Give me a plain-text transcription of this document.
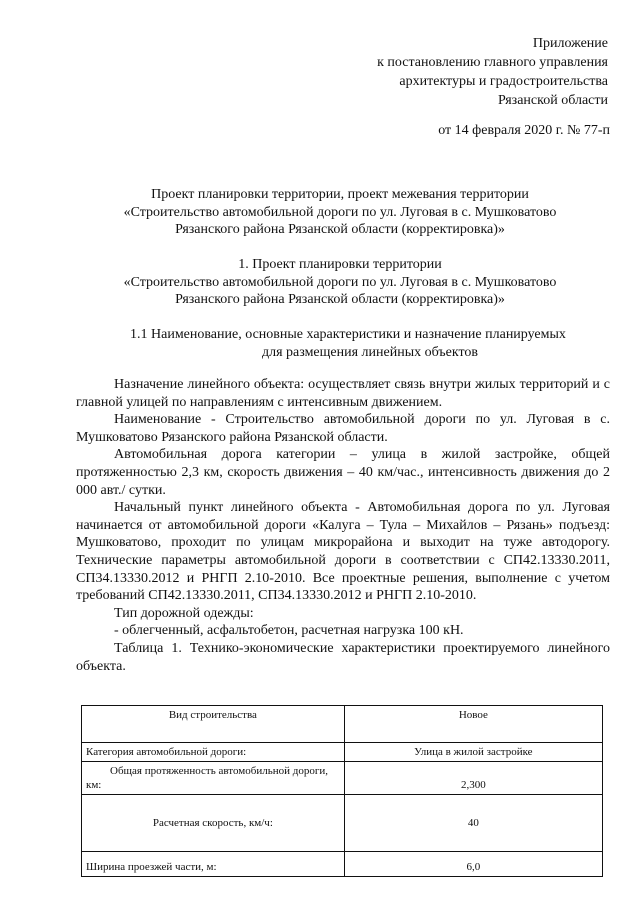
Приложение
к постановлению главного управления
архитектуры и градостроительства
Рязанской области
от 14 февраля 2020 г. № 77-п
Проект планировки территории, проект межевания территории
«Строительство автомобильной дороги по ул. Луговая в с. Мушковатово
Рязанского района Рязанской области (корректировка)»
1. Проект планировки территории
«Строительство автомобильной дороги по ул. Луговая в с. Мушковатово
Рязанского района Рязанской области (корректировка)»
1.1 Наименование, основные характеристики и назначение планируемых
для размещения линейных объектов

Назначение линейного объекта: осуществляет связь внутри жилых территорий и с главной улицей по направлениям с интенсивным движением.

Наименование - Строительство автомобильной дороги по ул. Луговая в с. Мушковатово Рязанского района Рязанской области.

Автомобильная дорога категории – улица в жилой застройке, общей протяженностью 2,3 км, скорость движения – 40 км/час., интенсивность движения до 2 000 авт./ сутки.

Начальный пункт линейного объекта - Автомобильная дорога по ул. Луговая начинается от автомобильной дороги «Калуга – Тула – Михайлов – Рязань» подъезд: Мушковатово, проходит по улицам микрорайона и выходит на туже автодорогу. Технические параметры автомобильной дороги в соответствии с СП42.13330.2011, СП34.13330.2012 и РНГП 2.10-2010. Все проектные решения, выполнение с учетом требований СП42.13330.2011, СП34.13330.2012 и РНГП 2.10-2010.

Тип дорожной одежды:

- облегченный, асфальтобетон, расчетная нагрузка 100 кН.

Таблица 1. Технико-экономические характеристики проектируемого линейного объекта.

Вид строительства	Новое
Категория автомобильной дороги:	Улица в жилой застройке
Общая протяженность автомобильной дороги, км:	2,300
Расчетная скорость, км/ч:	40
Ширина проезжей части, м:	6,0
